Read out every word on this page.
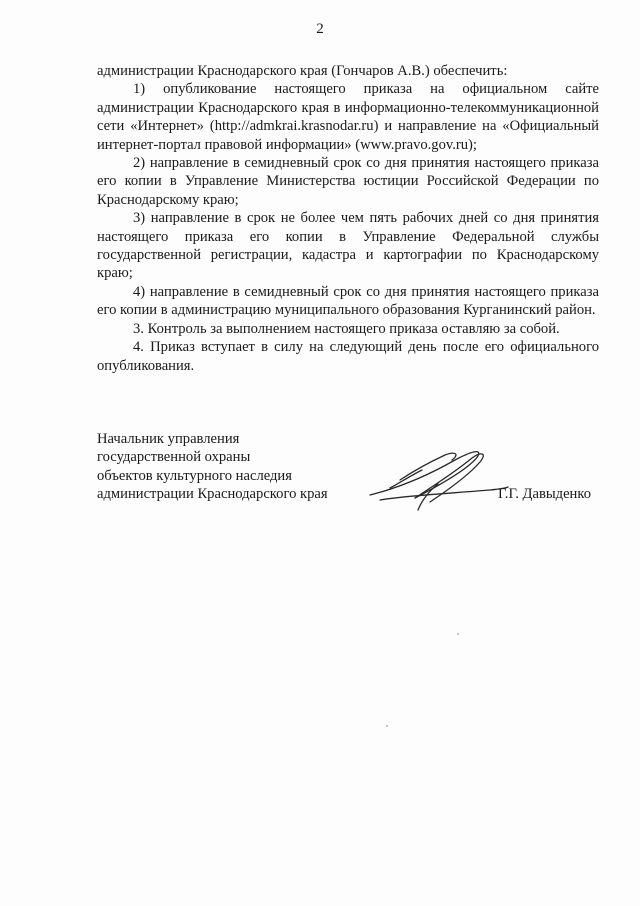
2

администрации Краснодарского края (Гончаров А.В.) обеспечить:

1) опубликование настоящего приказа на официальном сайте администрации Краснодарского края в информационно-телекоммуникационной сети «Интернет» (http://admkrai.krasnodar.ru) и направление на «Официальный интернет-портал правовой информации» (www.pravo.gov.ru);

2) направление в семидневный срок со дня принятия настоящего приказа его копии в Управление Министерства юстиции Российской Федерации по Краснодарскому краю;

3) направление в срок не более чем пять рабочих дней со дня принятия настоящего приказа его копии в Управление Федеральной службы государственной регистрации, кадастра и картографии по Краснодарскому краю;

4) направление в семидневный срок со дня принятия настоящего приказа его копии в администрацию муниципального образования Курганинский район.

3. Контроль за выполнением настоящего приказа оставляю за собой.

4. Приказ вступает в силу на следующий день после его официального опубликования.

Начальник управления
государственной охраны
объектов культурного наследия
администрации Краснодарского края	Г.Г. Давыденко
